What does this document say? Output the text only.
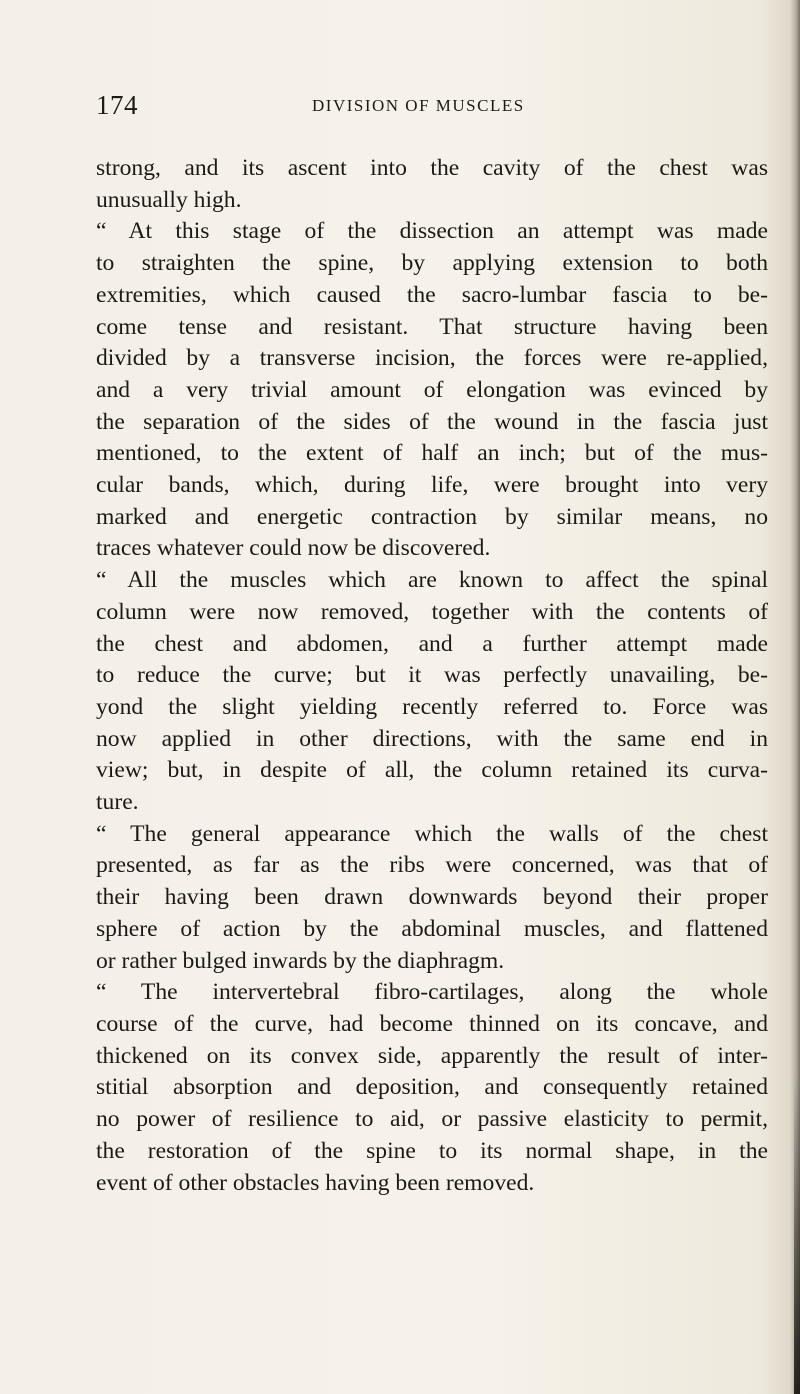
174	DIVISION OF MUSCLES
strong, and its ascent into the cavity of the chest was
unusually high.
“ At this stage of the dissection an attempt was made
to straighten the spine, by applying extension to both
extremities, which caused the sacro-lumbar fascia to be-
come tense and resistant. That structure having been
divided by a transverse incision, the forces were re-applied,
and a very trivial amount of elongation was evinced by
the separation of the sides of the wound in the fascia just
mentioned, to the extent of half an inch; but of the mus-
cular bands, which, during life, were brought into very
marked and energetic contraction by similar means, no
traces whatever could now be discovered.
“ All the muscles which are known to affect the spinal
column were now removed, together with the contents of
the chest and abdomen, and a further attempt made
to reduce the curve; but it was perfectly unavailing, be-
yond the slight yielding recently referred to. Force was
now applied in other directions, with the same end in
view; but, in despite of all, the column retained its curva-
ture.
“ The general appearance which the walls of the chest
presented, as far as the ribs were concerned, was that of
their having been drawn downwards beyond their proper
sphere of action by the abdominal muscles, and flattened
or rather bulged inwards by the diaphragm.
“ The intervertebral fibro-cartilages, along the whole
course of the curve, had become thinned on its concave, and
thickened on its convex side, apparently the result of inter-
stitial absorption and deposition, and consequently retained
no power of resilience to aid, or passive elasticity to permit,
the restoration of the spine to its normal shape, in the
event of other obstacles having been removed.
